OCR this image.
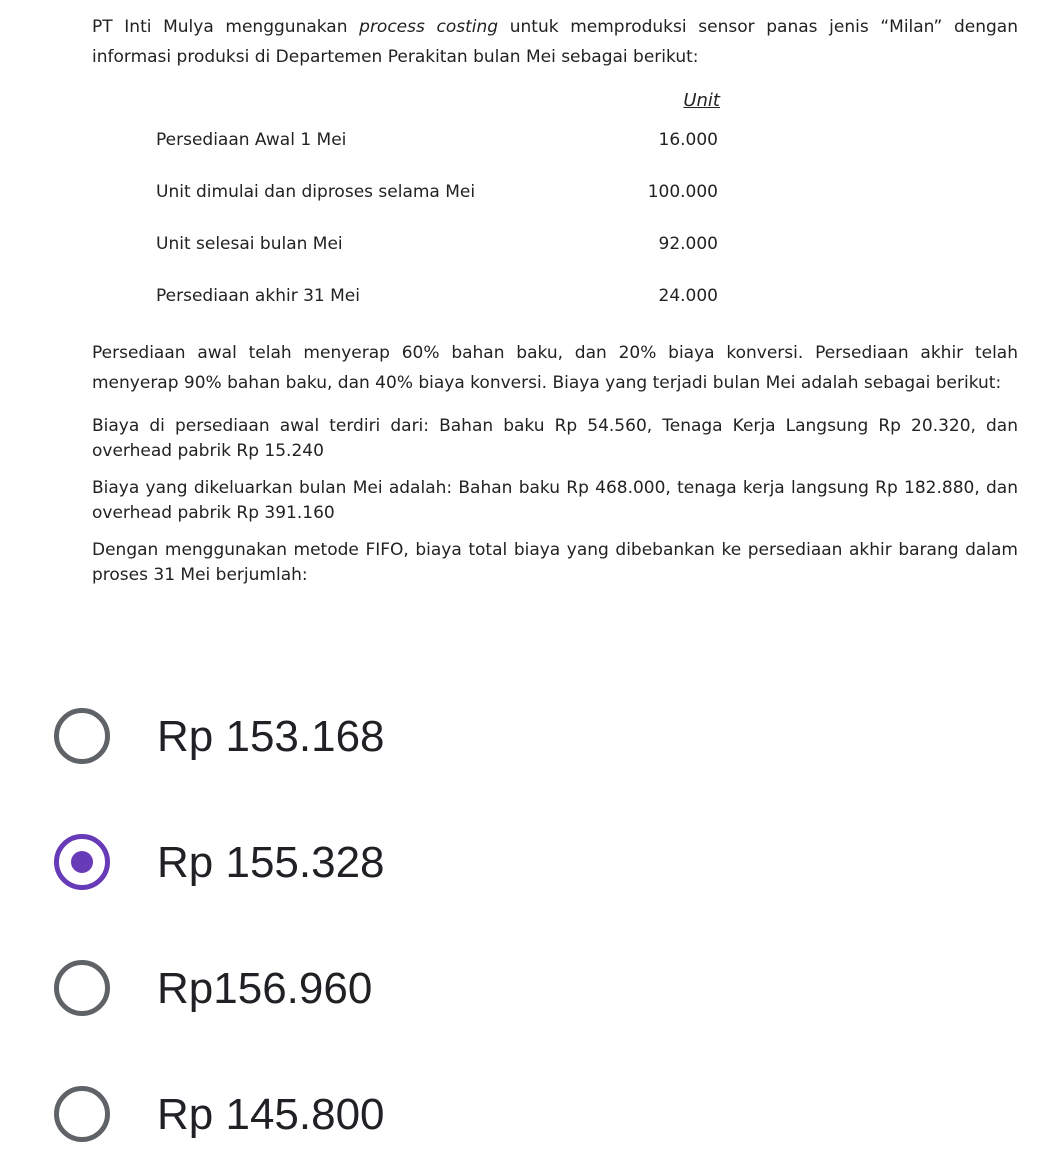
PT Inti Mulya menggunakan process costing untuk memproduksi sensor panas jenis “Milan” dengan informasi produksi di Departemen Perakitan bulan Mei sebagai berikut:

Unit
Persediaan Awal 1 Mei	16.000
Unit dimulai dan diproses selama Mei	100.000
Unit selesai bulan Mei	92.000
Persediaan akhir 31 Mei	24.000

Persediaan awal telah menyerap 60% bahan baku, dan 20% biaya konversi. Persediaan akhir telah menyerap 90% bahan baku, dan 40% biaya konversi. Biaya yang terjadi bulan Mei adalah sebagai berikut:

Biaya di persediaan awal terdiri dari: Bahan baku Rp 54.560, Tenaga Kerja Langsung Rp 20.320, dan overhead pabrik Rp 15.240

Biaya yang dikeluarkan bulan Mei adalah: Bahan baku Rp 468.000, tenaga kerja langsung Rp 182.880, dan overhead pabrik Rp 391.160

Dengan menggunakan metode FIFO, biaya total biaya yang dibebankan ke persediaan akhir barang dalam proses 31 Mei berjumlah:

Rp 153.168
Rp 155.328
Rp156.960
Rp 145.800
